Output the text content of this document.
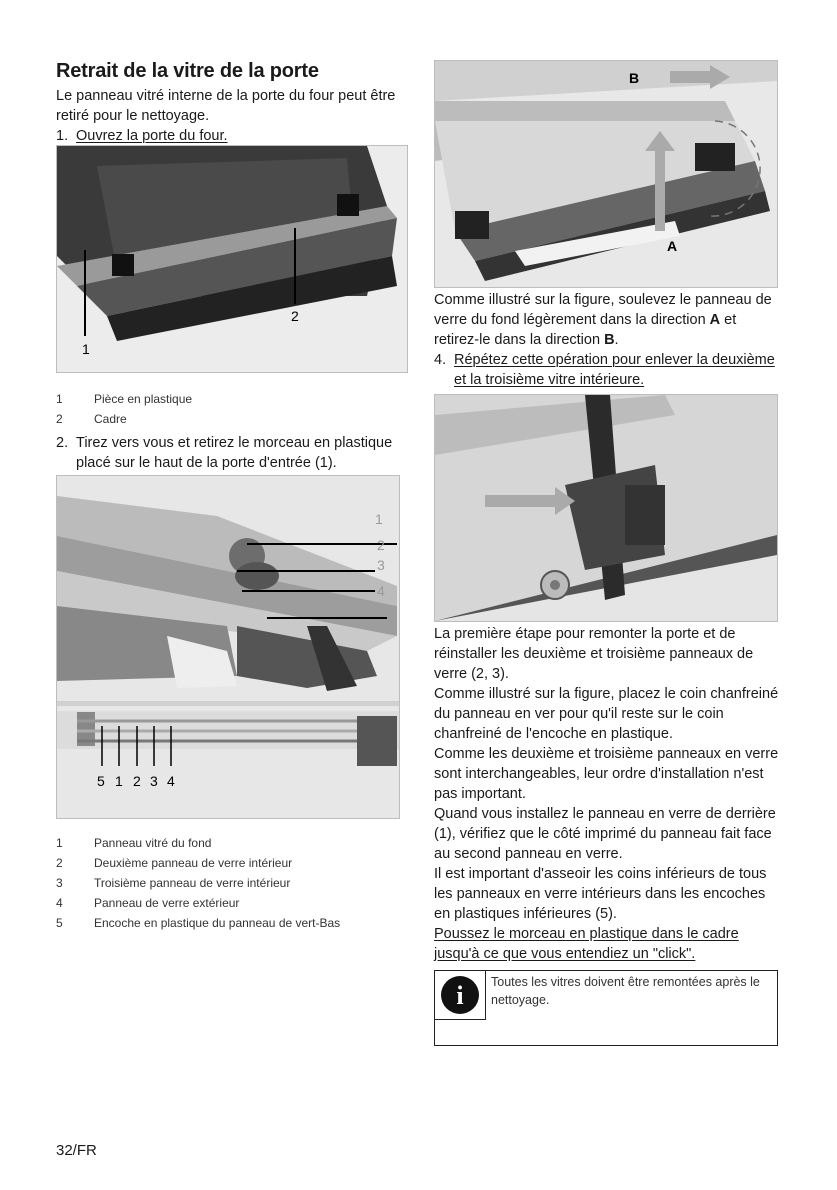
Retrait de la vitre de la porte

Le panneau vitré interne de la porte du four peut être retiré pour le nettoyage.

1. Ouvrez la porte du four.
1
2
1	Pièce en plastique
2	Cadre
2. Tirez vers vous et retirez le morceau en plastique placé sur le haut de la porte d'entrée (1).
1
2
3
4
5 1 2 3 4
1	Panneau vitré du fond
2	Deuxième panneau de verre intérieur
3	Troisième panneau de verre intérieur
4	Panneau de verre extérieur
5	Encoche en plastique du panneau de vert-Bas
B
A

Comme illustré sur la figure, soulevez le panneau de verre du fond légèrement dans la direction A et retirez-le dans la direction B.

4. Répétez cette opération pour enlever la deuxième et la troisième vitre intérieure.

La première étape pour remonter la porte et de réinstaller les deuxième et troisième panneaux de verre (2, 3).

Comme illustré sur la figure, placez le coin chanfreiné du panneau en ver pour qu'il reste sur le coin chanfreiné de l'encoche en plastique.

Comme les deuxième et troisième panneaux en verre sont interchangeables, leur ordre d'installation n'est pas important.

Quand vous installez le panneau en verre de derrière (1), vérifiez que le côté imprimé du panneau fait face au second panneau en verre.

Il est important d'asseoir les coins inférieurs de tous les panneaux en verre intérieurs dans les encoches en plastiques inférieures (5).

Poussez le morceau en plastique dans le cadre jusqu'à ce que vous entendiez un "click".

i Toutes les vitres doivent être remontées après le nettoyage.
32/FR
